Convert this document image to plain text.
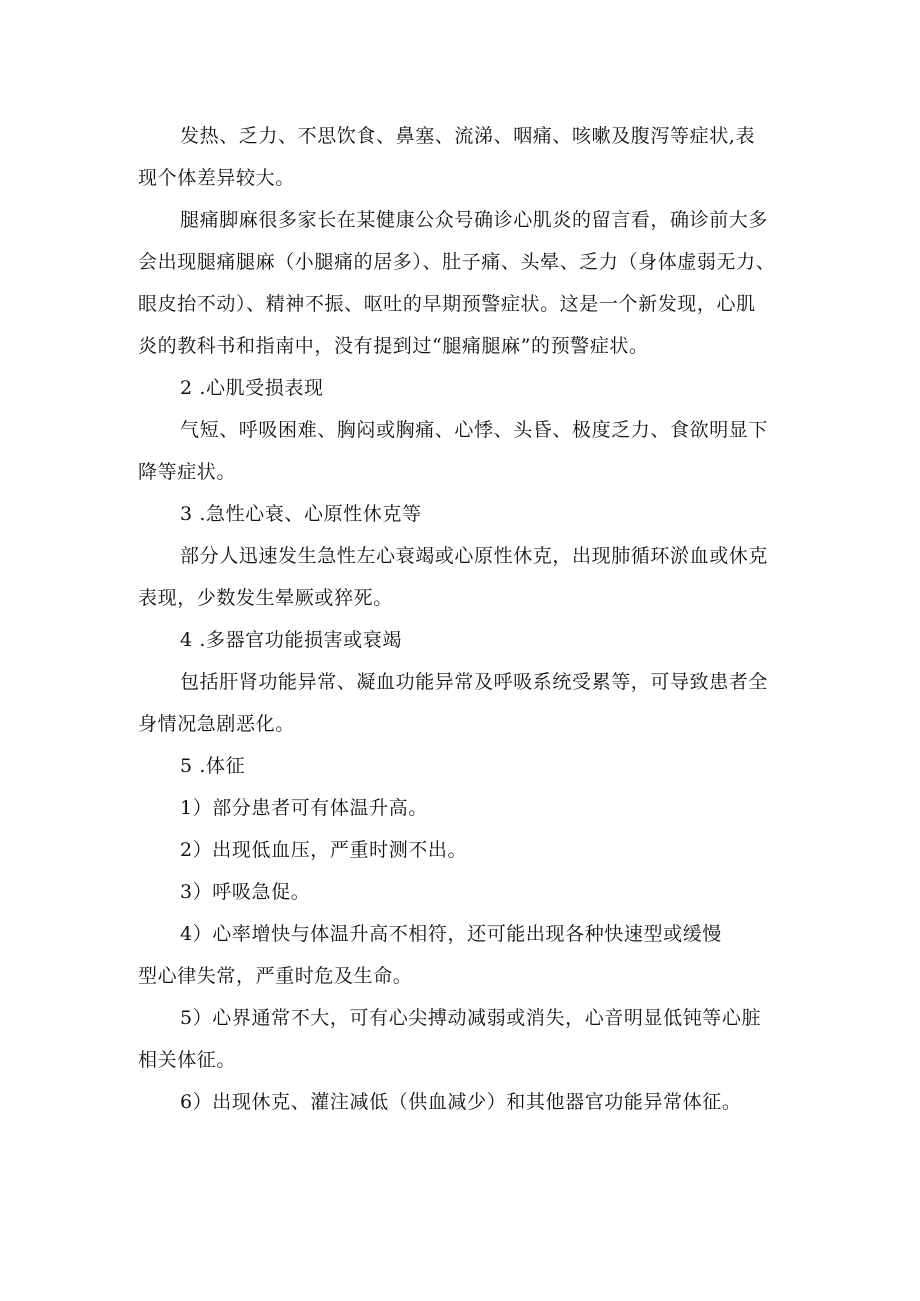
发热、乏力、不思饮食、鼻塞、流涕、咽痛、咳嗽及腹泻等症状,表
现个体差异较大。
腿痛脚麻很多家长在某健康公众号确诊心肌炎的留言看，确诊前大多
会出现腿痛腿麻（小腿痛的居多）、肚子痛、头晕、乏力（身体虚弱无力、
眼皮抬不动）、精神不振、呕吐的早期预警症状。这是一个新发现，心肌
炎的教科书和指南中，没有提到过“腿痛腿麻”的预警症状。
2 .心肌受损表现
气短、呼吸困难、胸闷或胸痛、心悸、头昏、极度乏力、食欲明显下
降等症状。
3 .急性心衰、心原性休克等
部分人迅速发生急性左心衰竭或心原性休克，出现肺循环淤血或休克
表现，少数发生晕厥或猝死。
4 .多器官功能损害或衰竭
包括肝肾功能异常、凝血功能异常及呼吸系统受累等，可导致患者全
身情况急剧恶化。
5 .体征
1）部分患者可有体温升高。
2）出现低血压，严重时测不出。
3）呼吸急促。
4）心率增快与体温升高不相符，还可能出现各种快速型或缓慢
型心律失常，严重时危及生命。
5）心界通常不大，可有心尖搏动减弱或消失，心音明显低钝等心脏
相关体征。
6）出现休克、灌注减低（供血减少）和其他器官功能异常体征。
